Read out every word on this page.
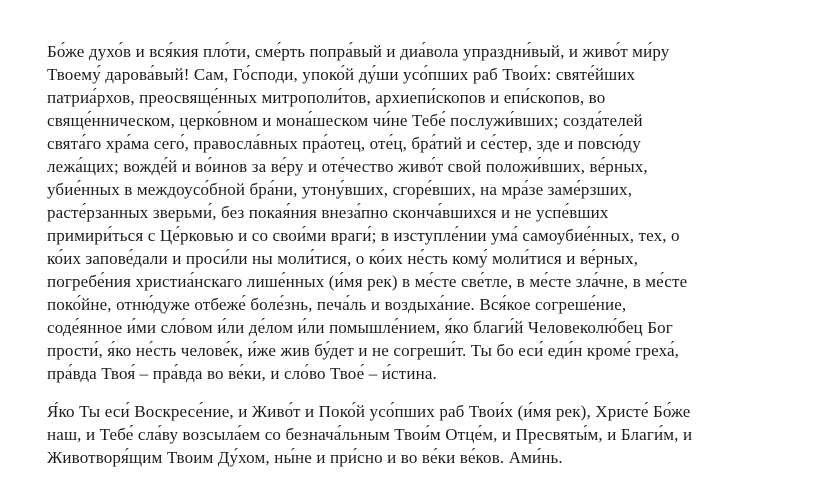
Бо́же духо́в и вся́кия пло́ти, сме́рть попра́вый и диа́вола упраздни́вый, и живо́т ми́ру
Твоему́ дарова́вый! Сам, Го́споди, упоко́й ду́ши усо́пших раб Твои́х: святе́йших
патриа́рхов, преосвяще́нных митрополи́тов, архиепи́скопов и епи́скопов, во
свяще́нническом, церко́вном и мона́шеском чи́не Тебе́ послужи́вших; созда́телей
свята́го хра́ма сего́, правосла́вных пра́отец, оте́ц, бра́тий и се́стер, зде и повсю́ду
лежа́щих; вожде́й и во́инов за ве́ру и оте́чество живо́т свой положи́вших, ве́рных,
убие́нных в междоусо́бной бра́ни, утону́вших, сгоре́вших, на мра́зе заме́рзших,
расте́рзанных зверьми́, без покая́ния внеза́пно сконча́вшихся и не успе́вших
примири́ться с Це́рковью и со свои́ми враги́; в изступле́нии ума́ самоубие́нных, тех, о
ко́их запове́дали и проси́ли ны моли́тися, о ко́их не́сть кому́ моли́тися и ве́рных,
погребе́ния христиа́нскаго лише́нных (и́мя рек) в ме́сте све́тле, в ме́сте зла́чне, в ме́сте
поко́йне, отню́дуже отбеже́ боле́знь, печа́ль и воздыха́ние. Вся́кое согреше́ние,
соде́янное и́ми сло́вом и́ли де́лом и́ли помышле́нием, я́ко благи́й Человеколю́бец Бог
прости́, я́ко не́сть челове́к, и́же жив бу́дет и не согреши́т. Ты бо еси́ еди́н кроме́ греха́,
пра́вда Твоя́ – пра́вда во ве́ки, и сло́во Твое́ – и́стина.

Я́ко Ты еси́ Воскресе́ние, и Живо́т и Поко́й усо́пших раб Твои́х (и́мя рек), Христе́ Бо́же
наш, и Тебе́ сла́ву возсыла́ем со безнача́льным Твои́м Отце́м, и Пресвяты́м, и Благи́м, и
Животворя́щим Твоим Ду́хом, ны́не и при́сно и во ве́ки ве́ков. Ами́нь.
